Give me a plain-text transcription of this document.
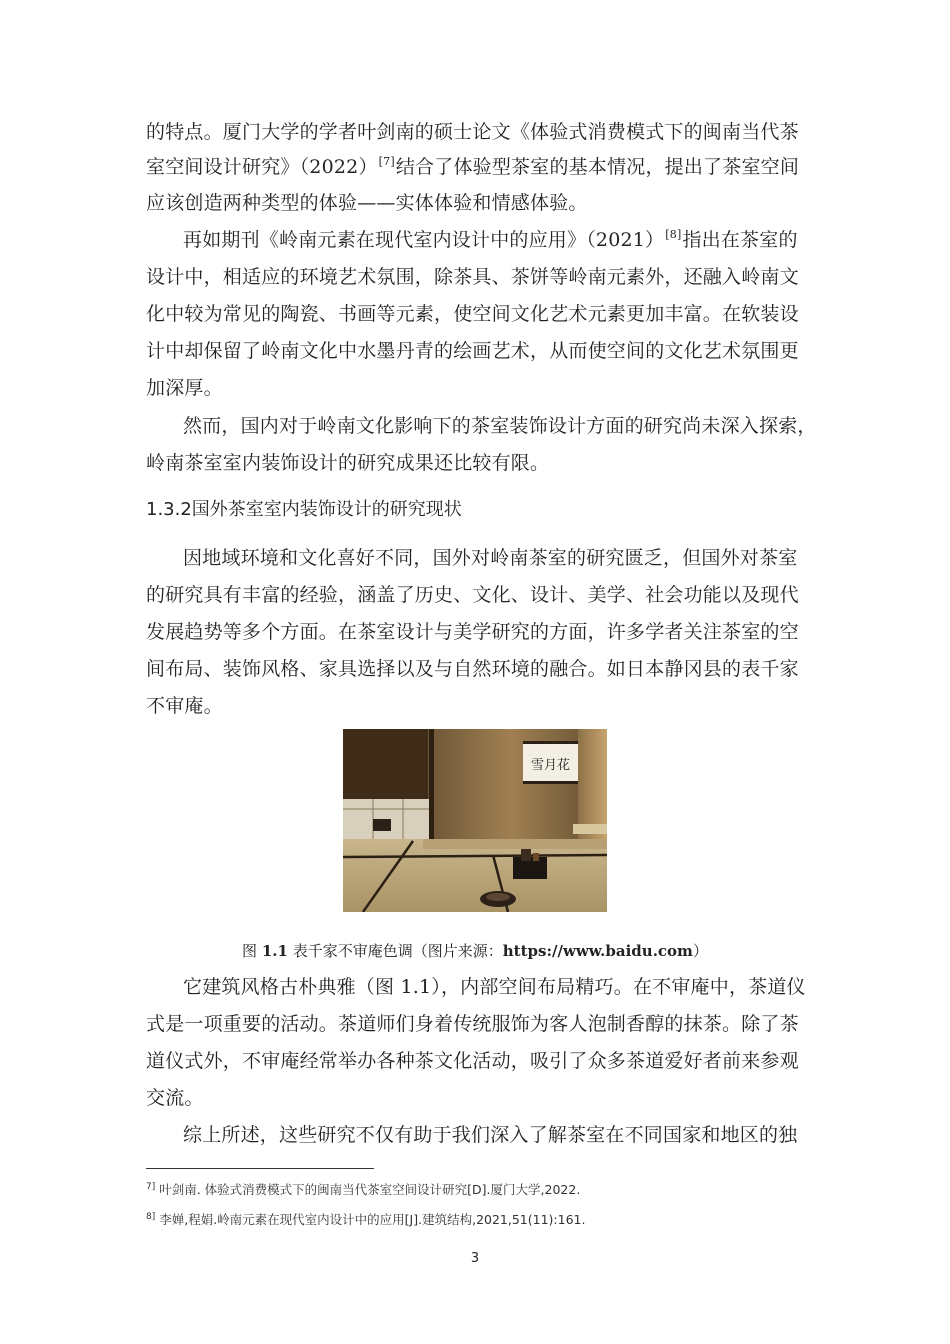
的特点。厦门大学的学者叶剑南的硕士论文《体验式消费模式下的闽南当代茶
室空间设计研究》（2022）[7]结合了体验型茶室的基本情况，提出了茶室空间
应该创造两种类型的体验——实体体验和情感体验。
再如期刊《岭南元素在现代室内设计中的应用》（2021）[8]指出在茶室的
设计中，相适应的环境艺术氛围，除茶具、茶饼等岭南元素外，还融入岭南文
化中较为常见的陶瓷、书画等元素，使空间文化艺术元素更加丰富。在软装设
计中却保留了岭南文化中水墨丹青的绘画艺术，从而使空间的文化艺术氛围更
加深厚。
然而，国内对于岭南文化影响下的茶室装饰设计方面的研究尚未深入探索，
岭南茶室室内装饰设计的研究成果还比较有限。
1.3.2国外茶室室内装饰设计的研究现状
因地域环境和文化喜好不同，国外对岭南茶室的研究匮乏，但国外对茶室
的研究具有丰富的经验，涵盖了历史、文化、设计、美学、社会功能以及现代
发展趋势等多个方面。在茶室设计与美学研究的方面，许多学者关注茶室的空
间布局、装饰风格、家具选择以及与自然环境的融合。如日本静冈县的表千家
不审庵。
雪月花
图 1.1 表千家不审庵色调（图片来源：https://www.baidu.com）
它建筑风格古朴典雅（图 1.1），内部空间布局精巧。在不审庵中，茶道仪
式是一项重要的活动。茶道师们身着传统服饰为客人泡制香醇的抹茶。除了茶
道仪式外，不审庵经常举办各种茶文化活动，吸引了众多茶道爱好者前来参观
交流。
综上所述，这些研究不仅有助于我们深入了解茶室在不同国家和地区的独
$^{7]}$ 叶剑南. 体验式消费模式下的闽南当代茶室空间设计研究[D].厦门大学,2022.
$^{8]}$ 李婵,程娟.岭南元素在现代室内设计中的应用[J].建筑结构,2021,51(11):161.
3
